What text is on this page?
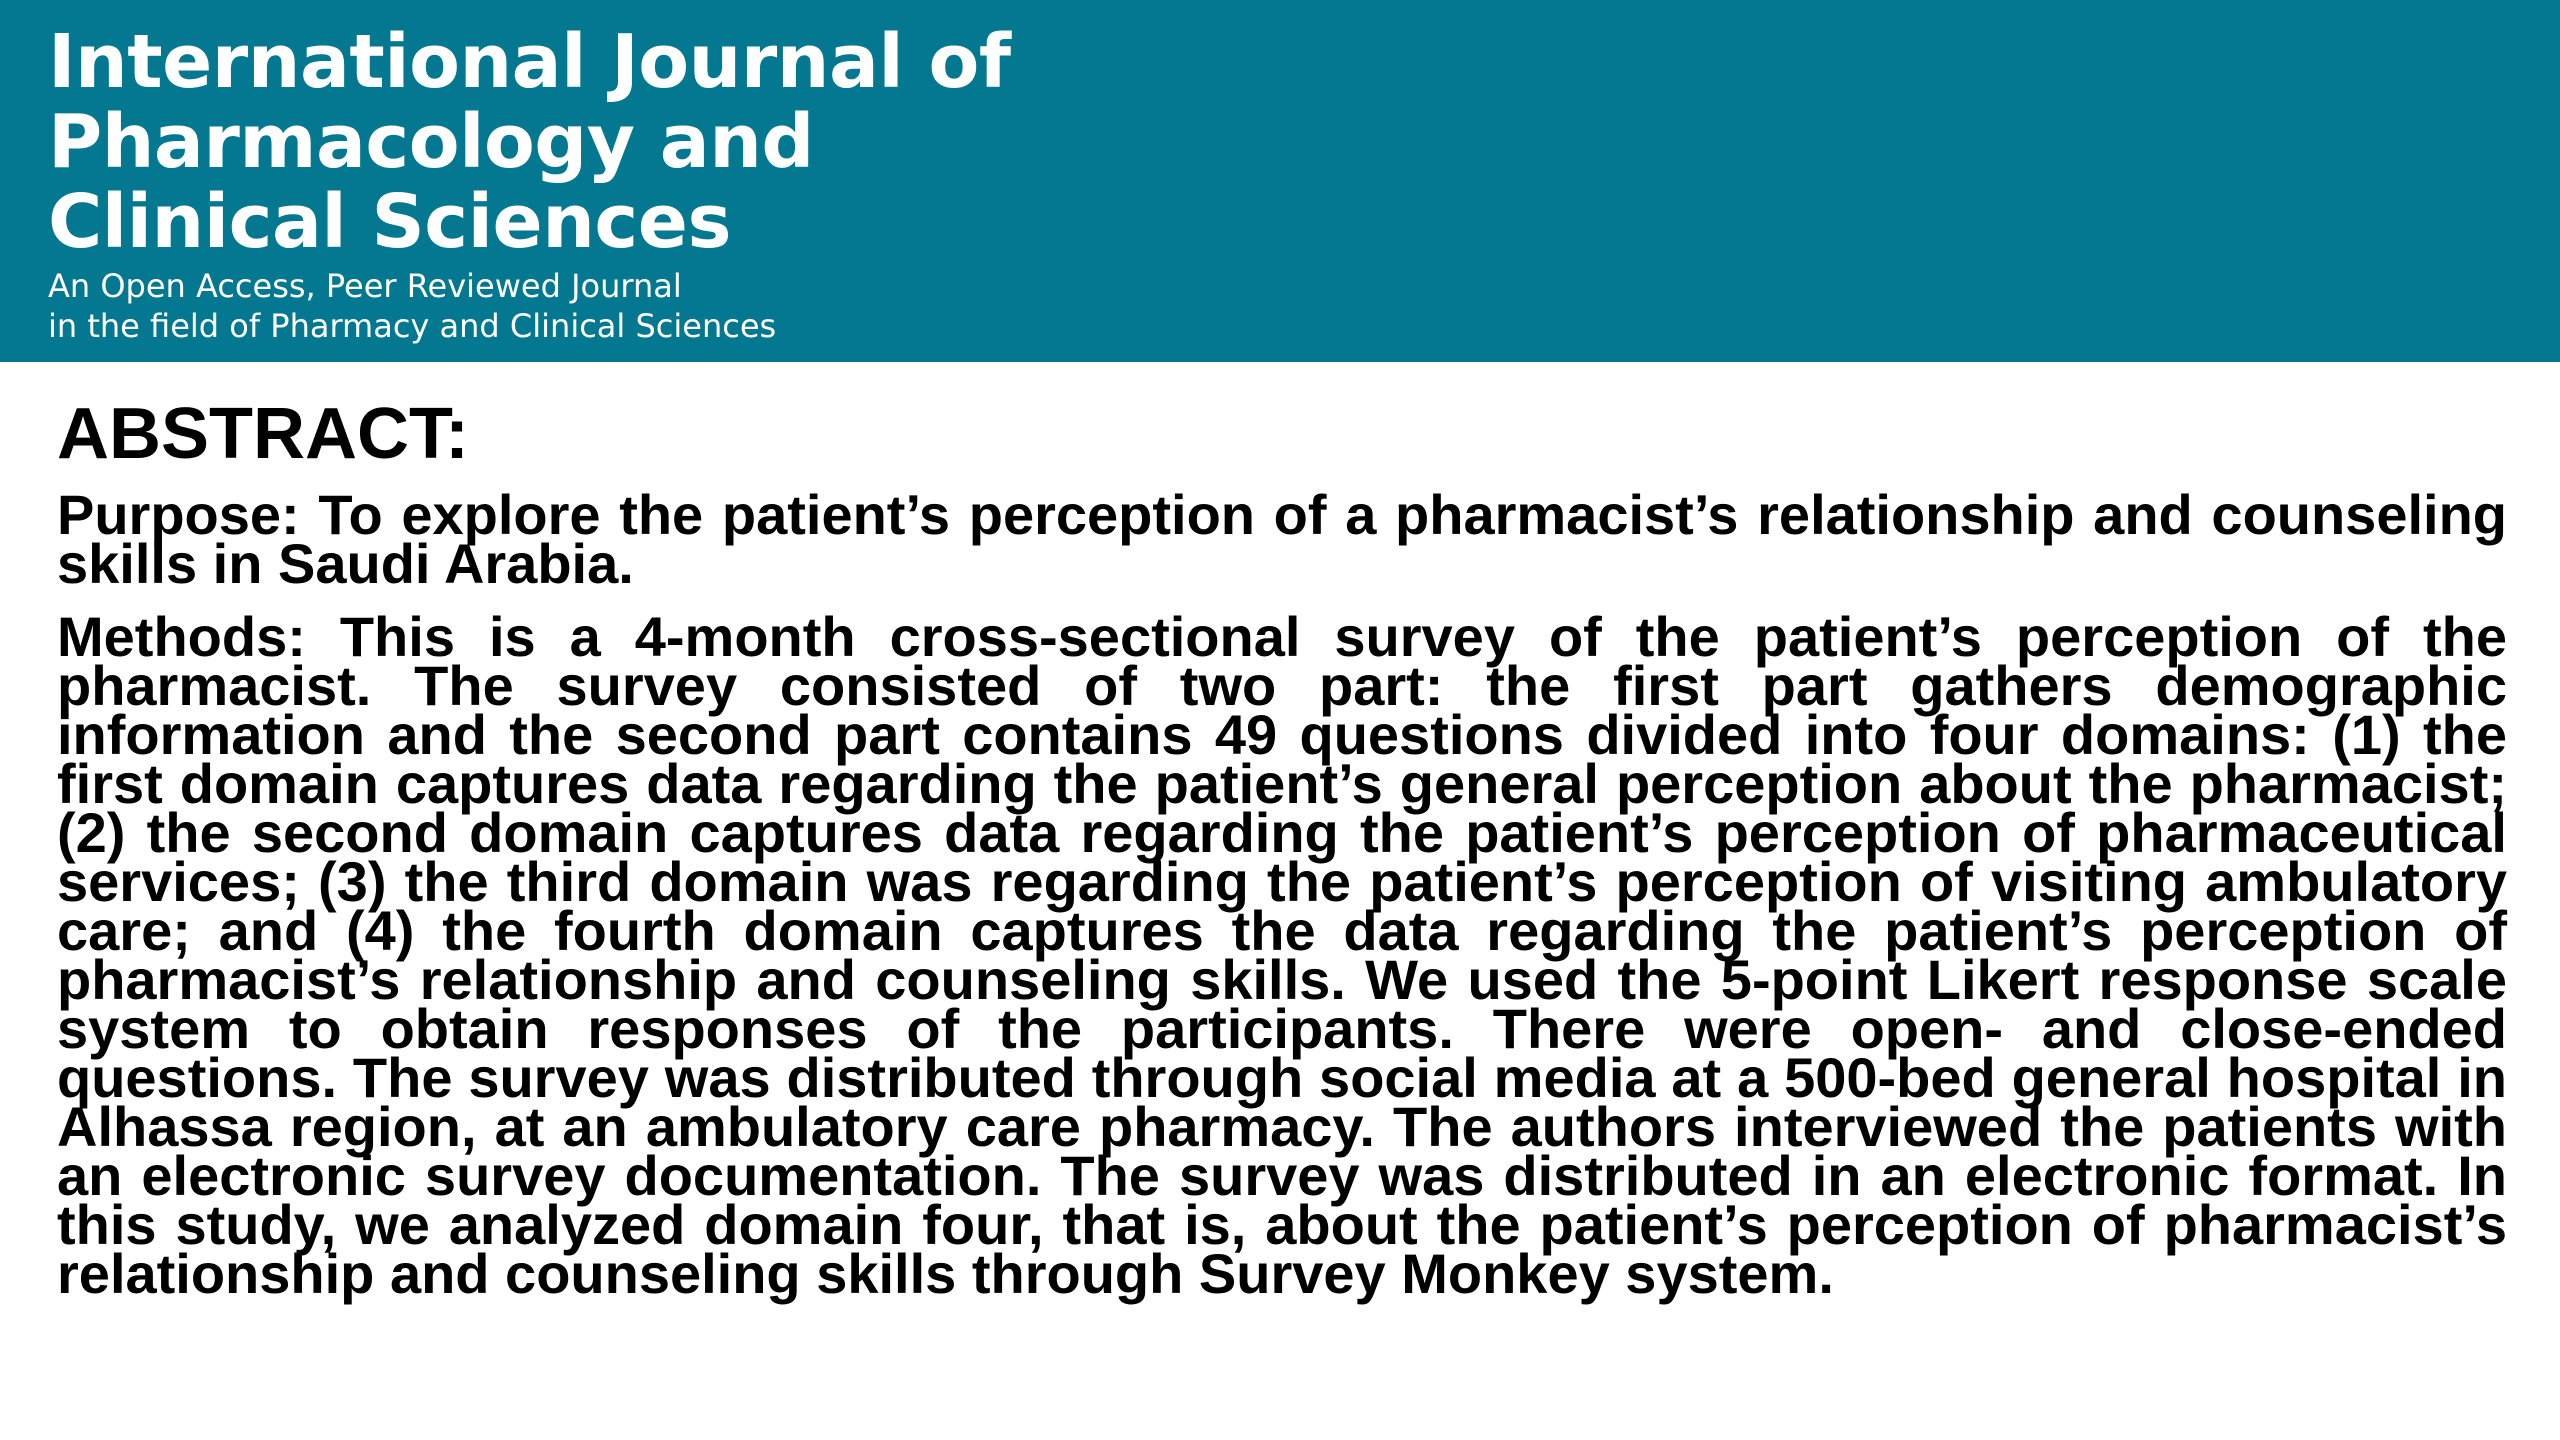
International Journal of
Pharmacology and
Clinical Sciences
An Open Access, Peer Reviewed Journal
in the field of Pharmacy and Clinical Sciences
ABSTRACT:

Purpose: To explore the patient’s perception of a pharmacist’s relationship and counseling skills in Saudi Arabia.

Methods: This is a 4-month cross-sectional survey of the patient’s perception of the pharmacist. The survey consisted of two part: the first part gathers demographic information and the second part contains 49 questions divided into four domains: (1) the first domain captures data regarding the patient’s general perception about the pharmacist; (2) the second domain captures data regarding the patient’s perception of pharmaceutical services; (3) the third domain was regarding the patient’s perception of visiting ambulatory care; and (4) the fourth domain captures the data regarding the patient’s perception of pharmacist’s relationship and counseling skills. We used the 5-point Likert response scale system to obtain responses of the participants. There were open- and close-ended questions. The survey was distributed through social media at a 500-bed general hospital in Alhassa region, at an ambulatory care pharmacy. The authors interviewed the patients with an electronic survey documentation. The survey was distributed in an electronic format. In this study, we analyzed domain four, that is, about the patient’s perception of pharmacist’s relationship and counseling skills through Survey Monkey system.
